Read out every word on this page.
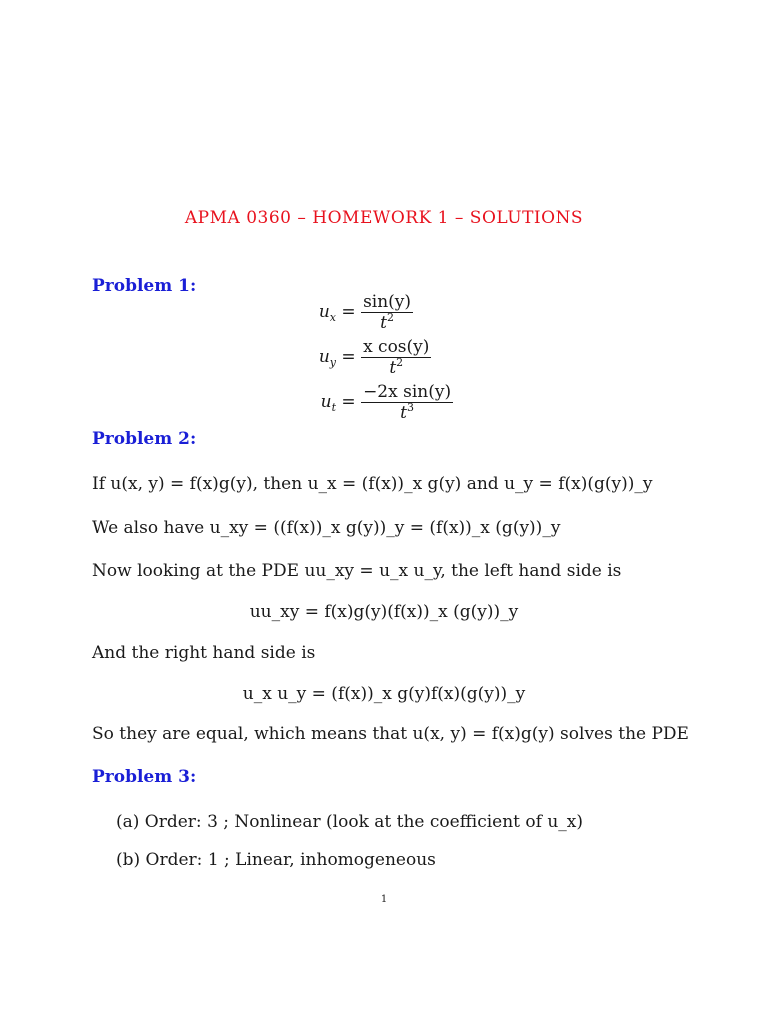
APMA 0360 – HOMEWORK 1 – SOLUTIONS
Problem 1:
$u_x = \frac{\sin(y)}{t^2}$
$u_y = \frac{\text{x cos(y)}}{t^2}$
$u_t = \frac{\text{−2x sin(y)}}{t^3}$
Problem 2:
If u(x, y) = f(x)g(y), then u_x = (f(x))_x g(y) and u_y = f(x)(g(y))_y
We also have u_xy = ((f(x))_x g(y))_y = (f(x))_x (g(y))_y
Now looking at the PDE uu_xy = u_x u_y, the left hand side is
uu_xy = f(x)g(y)(f(x))_x (g(y))_y
And the right hand side is
u_x u_y = (f(x))_x g(y)f(x)(g(y))_y
So they are equal, which means that u(x, y) = f(x)g(y) solves the PDE
Problem 3:
(a) Order: 3 ; Nonlinear (look at the coefficient of u_x)
(b) Order: 1 ; Linear, inhomogeneous
1
